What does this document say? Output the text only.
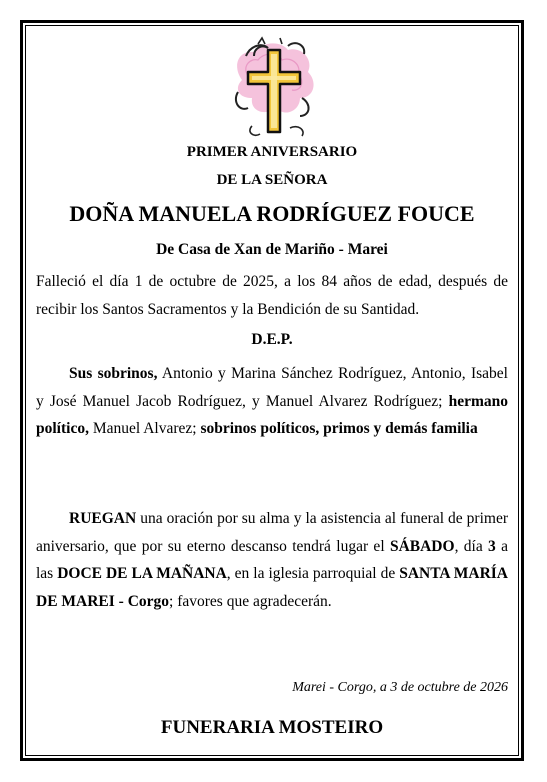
PRIMER ANIVERSARIO
DE LA SEÑORA
DOÑA MANUELA RODRÍGUEZ FOUCE
De Casa de Xan de Mariño - Marei
Falleció el día 1 de octubre de 2025, a los 84 años de edad, después de recibir los Santos Sacramentos y la Bendición de su Santidad.
D.E.P.
Sus sobrinos, Antonio y Marina Sánchez Rodríguez, Antonio, Isabel y José Manuel Jacob Rodríguez, y Manuel Alvarez Rodríguez; hermano político, Manuel Alvarez; sobrinos políticos, primos y demás familia
RUEGAN una oración por su alma y la asistencia al funeral de primer aniversario, que por su eterno descanso tendrá lugar el SÁBADO, día 3 a las DOCE DE LA MAÑANA, en la iglesia parroquial de SANTA MARÍA DE MAREI - Corgo; favores que agradecerán.
Marei - Corgo, a 3 de octubre de 2026
FUNERARIA MOSTEIRO
